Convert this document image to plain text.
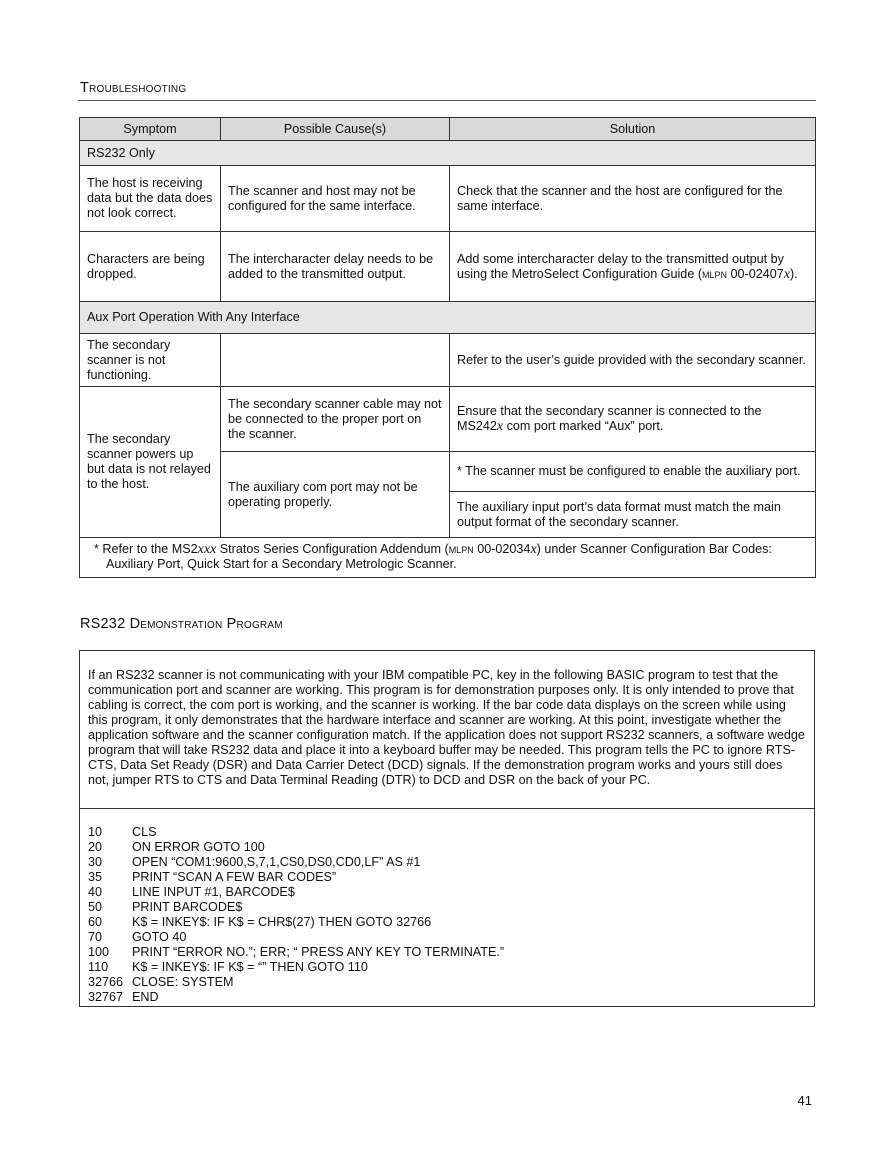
Troubleshooting
Symptom	Possible Cause(s)	Solution
RS232 Only		
The host is receiving data but the data does not look correct.	The scanner and host may not be configured for the same interface.	Check that the scanner and the host are configured for the same interface.
Characters are being dropped.	The intercharacter delay needs to be added to the transmitted output.	Add some intercharacter delay to the transmitted output by using the MetroSelect Configuration Guide (mlpn 00-02407x).
Aux Port Operation With Any Interface		
The secondary scanner is not functioning.		Refer to the user’s guide provided with the secondary scanner.
The secondary scanner powers up but data is not relayed to the host.	The secondary scanner cable may not be connected to the proper port on the scanner.	Ensure that the secondary scanner is connected to the MS242x com port marked “Aux” port.
	The auxiliary com port may not be operating properly.	* The scanner must be configured to enable the auxiliary port.

		The auxiliary input port’s data format must match the main output format of the secondary scanner.

* Refer to the MS2xxx Stratos Series Configuration Addendum (mlpn 00-02034x) under Scanner Configuration Bar Codes: Auxiliary Port, Quick Start for a Secondary Metrologic Scanner.		
RS232 Demonstration Program

If an RS232 scanner is not communicating with your IBM compatible PC, key in the following BASIC program to test that the communication port and scanner are working. This program is for demonstration purposes only. It is only intended to prove that cabling is correct, the com port is working, and the scanner is working. If the bar code data displays on the screen while using this program, it only demonstrates that the hardware interface and scanner are working. At this point, investigate whether the application software and the scanner configuration match. If the application does not support RS232 scanners, a software wedge program that will take RS232 data and place it into a keyboard buffer may be needed. This program tells the PC to ignore RTS-CTS, Data Set Ready (DSR) and Data Carrier Detect (DCD) signals. If the demonstration program works and yours still does not, jumper RTS to CTS and Data Terminal Reading (DTR) to DCD and DSR on the back of your PC.

10 CLS
20 ON ERROR GOTO 100
30 OPEN “COM1:9600,S,7,1,CS0,DS0,CD0,LF” AS #1
35 PRINT “SCAN A FEW BAR CODES”
40 LINE INPUT #1, BARCODE$
50 PRINT BARCODE$
60 K$ = INKEY$: IF K$ = CHR$(27) THEN GOTO 32766
70 GOTO 40
100 PRINT “ERROR NO.”; ERR; “ PRESS ANY KEY TO TERMINATE.”
110 K$ = INKEY$: IF K$ = “” THEN GOTO 110
32766 CLOSE: SYSTEM
32767 END
41
